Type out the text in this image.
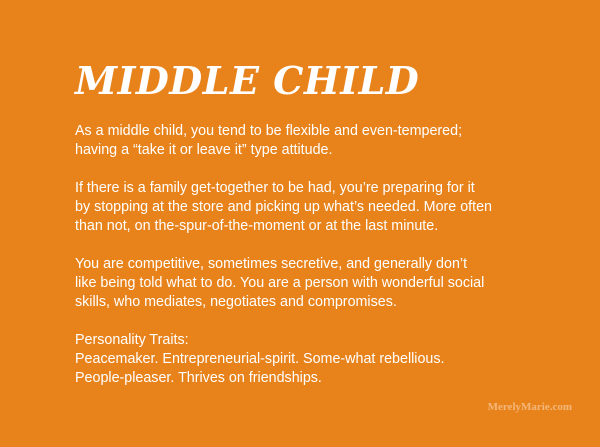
MIDDLE CHILD

As a middle child, you tend to be flexible and even-tempered;
having a “take it or leave it” type attitude.

If there is a family get-together to be had, you’re preparing for it
by stopping at the store and picking up what’s needed. More often
than not, on the-spur-of-the-moment or at the last minute.

You are competitive, sometimes secretive, and generally don’t
like being told what to do. You are a person with wonderful social
skills, who mediates, negotiates and compromises.

Personality Traits:
Peacemaker. Entrepreneurial-spirit. Some-what rebellious.
People-pleaser. Thrives on friendships.

MerelyMarie.com
